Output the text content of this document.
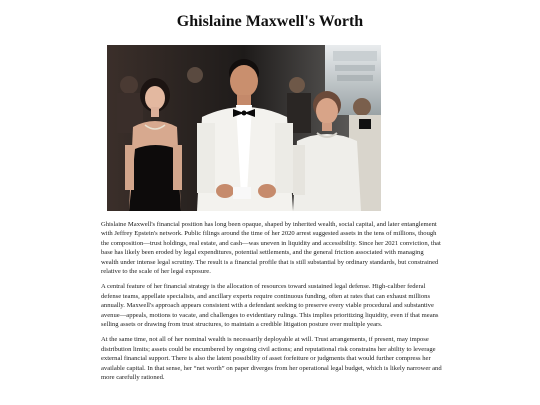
Ghislaine Maxwell's Worth

Ghislaine Maxwell's financial position has long been opaque, shaped by inherited wealth, social capital, and later entanglement with Jeffrey Epstein's network. Public filings around the time of her 2020 arrest suggested assets in the tens of millions, though the composition—trust holdings, real estate, and cash—was uneven in liquidity and accessibility. Since her 2021 conviction, that base has likely been eroded by legal expenditures, potential settlements, and the general friction associated with managing wealth under intense legal scrutiny. The result is a financial profile that is still substantial by ordinary standards, but constrained relative to the scale of her legal exposure.

A central feature of her financial strategy is the allocation of resources toward sustained legal defense. High-caliber federal defense teams, appellate specialists, and ancillary experts require continuous funding, often at rates that can exhaust millions annually. Maxwell's approach appears consistent with a defendant seeking to preserve every viable procedural and substantive avenue—appeals, motions to vacate, and challenges to evidentiary rulings. This implies prioritizing liquidity, even if that means selling assets or drawing from trust structures, to maintain a credible litigation posture over multiple years.

At the same time, not all of her nominal wealth is necessarily deployable at will. Trust arrangements, if present, may impose distribution limits; assets could be encumbered by ongoing civil actions; and reputational risk constrains her ability to leverage external financial support. There is also the latent possibility of asset forfeiture or judgments that would further compress her available capital. In that sense, her “net worth” on paper diverges from her operational legal budget, which is likely narrower and more carefully rationed.
